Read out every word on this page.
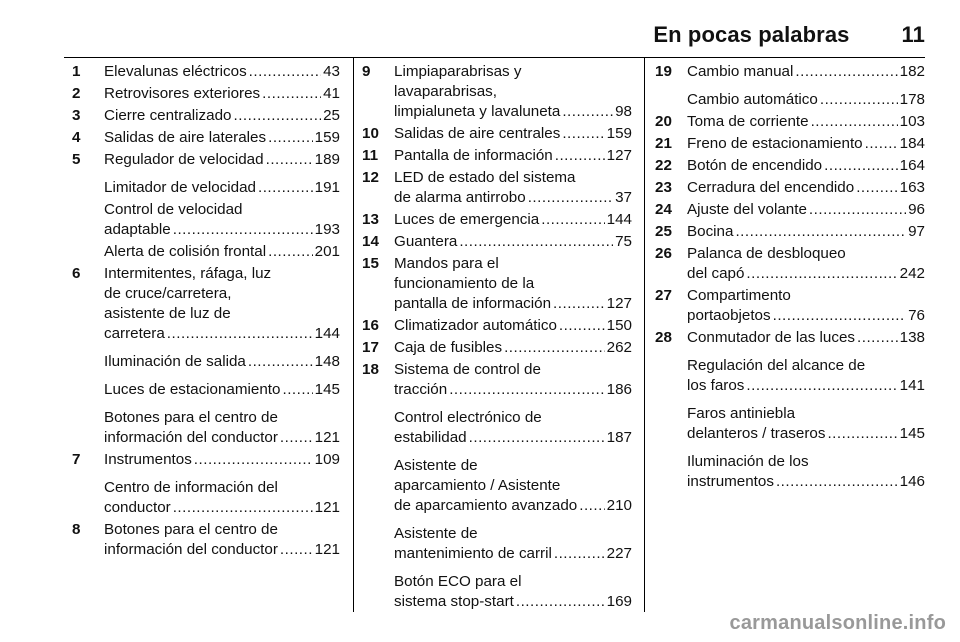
En pocas palabras 11
1 Elevalunas eléctricos .....	43
2 Retrovisores exteriores .....	41
3 Cierre centralizado .....	25
4 Salidas de aire laterales .....	159
5 Regulador de velocidad .....	189
Limitador de velocidad .....	191
Control de velocidad
adaptable .....	193
Alerta de colisión frontal .....	201
6 Intermitentes, ráfaga, luz
de cruce/carretera,
asistente de luz de
carretera .....	144
Iluminación de salida .....	148
Luces de estacionamiento ..... 145
Botones para el centro de
información del conductor ..... 121
7 Instrumentos .....	109
Centro de información del
conductor .....	121
8 Botones para el centro de
información del conductor ..... 121
9 Limpiaparabrisas y
lavaparabrisas,
limpialuneta y lavaluneta .....	98
10 Salidas de aire centrales .....	159
11 Pantalla de información .....	127
12 LED de estado del sistema
de alarma antirrobo .....	37
13 Luces de emergencia .....	144
14 Guantera .....	75
15 Mandos para el
funcionamiento de la
pantalla de información .....	127
16 Climatizador automático .....	150
17 Caja de fusibles .....	262
18 Sistema de control de
tracción .....	186
Control electrónico de
estabilidad .....	187
Asistente de
aparcamiento / Asistente
de aparcamiento avanzado ..... 210
Asistente de
mantenimiento de carril .....	227
Botón ECO para el
sistema stop-start .....	169
19 Cambio manual .....	182
Cambio automático .....	178
20 Toma de corriente .....	103
21 Freno de estacionamiento ..... 184
22 Botón de encendido .....	164
23 Cerradura del encendido .....	163
24 Ajuste del volante .....	96
25 Bocina .....	97
26 Palanca de desbloqueo
del capó .....	242
27 Compartimento
portaobjetos .....	76
28 Conmutador de las luces .....	138
Regulación del alcance de
los faros .....	141
Faros antiniebla
delanteros / traseros .....	145
Iluminación de los
instrumentos .....	146
carmanualsonline.info
